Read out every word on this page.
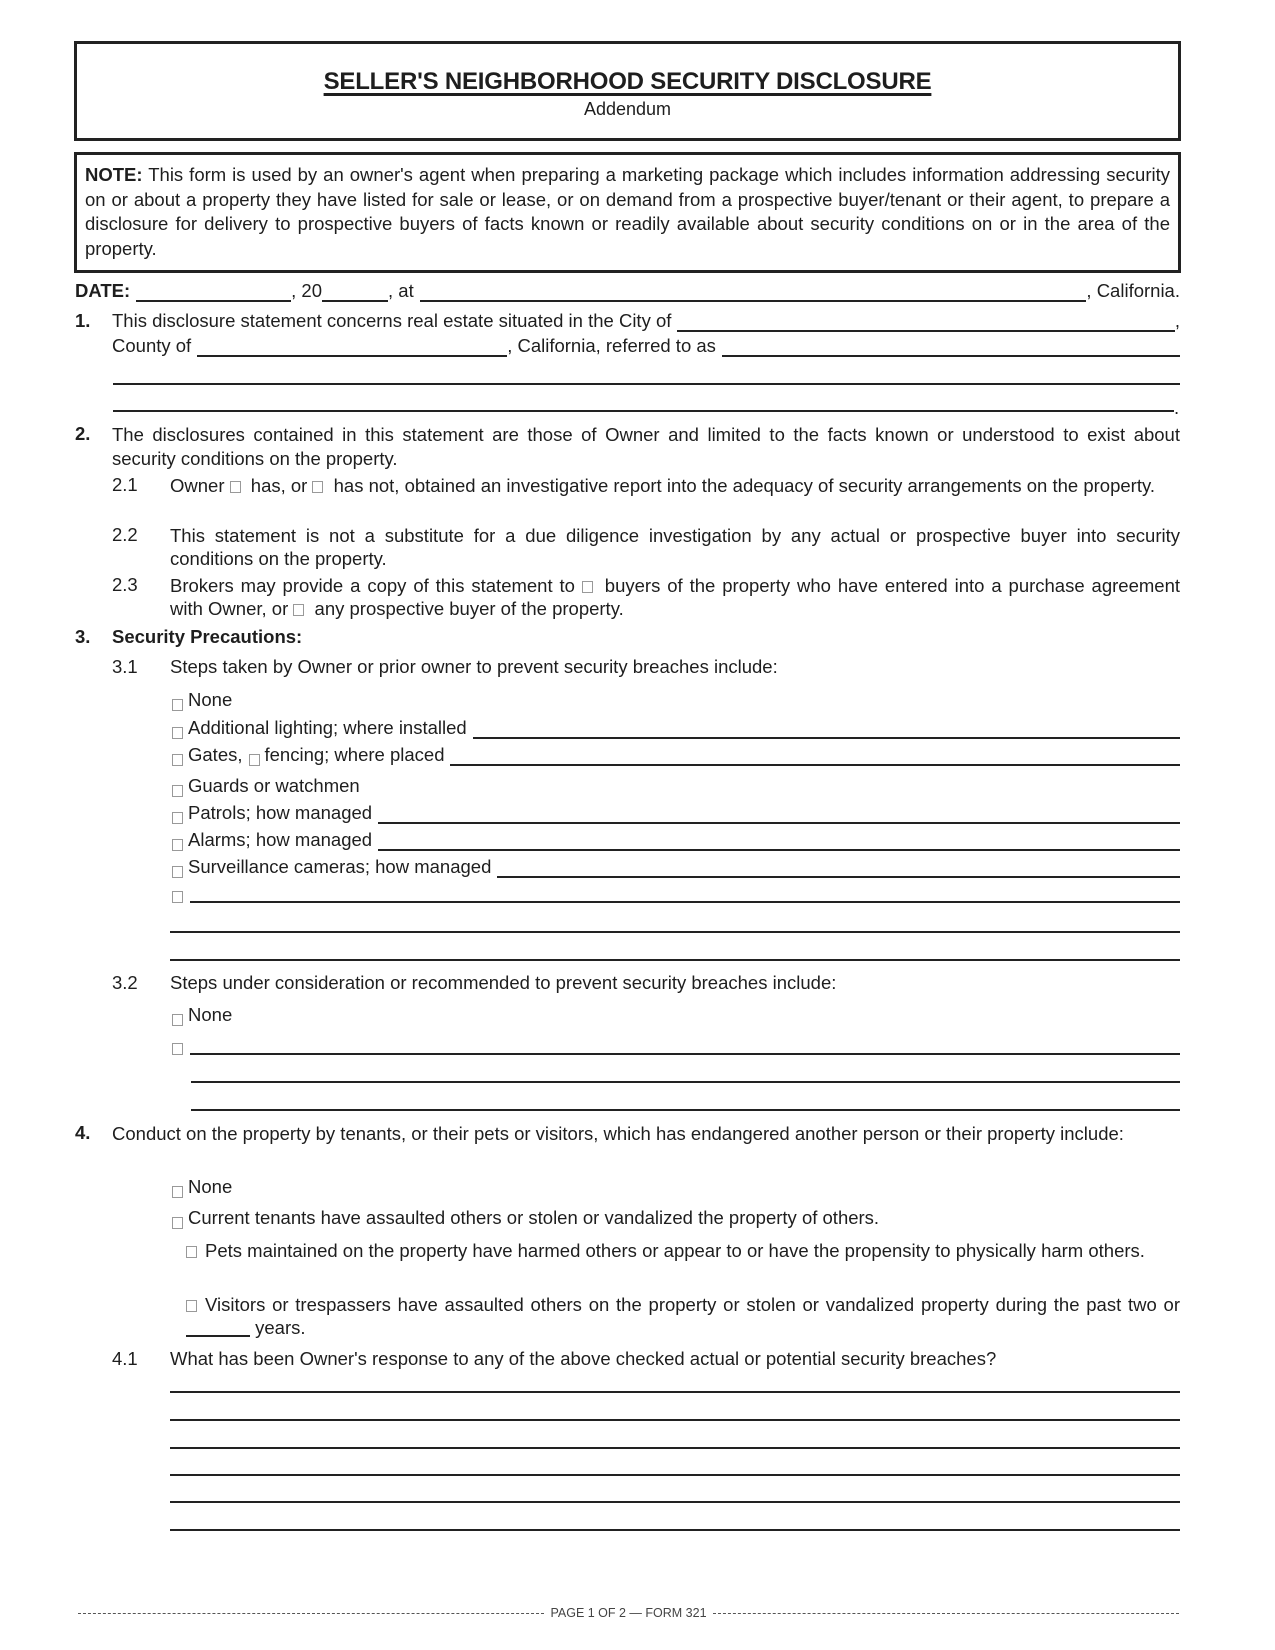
SELLER'S NEIGHBORHOOD SECURITY DISCLOSURE
Addendum
NOTE: This form is used by an owner's agent when preparing a marketing package which includes information addressing security on or about a property they have listed for sale or lease, or on demand from a prospective buyer/tenant or their agent, to prepare a disclosure for delivery to prospective buyers of facts known or readily available about security conditions on or in the area of the property.
DATE:	, 20	, at	, California.
1. This disclosure statement concerns real estate situated in the City of	,
County of	, California, referred to as
.
2. The disclosures contained in this statement are those of Owner and limited to the facts known or understood to exist about security conditions on the property.
2.1 Owner  has, or  has not, obtained an investigative report into the adequacy of security arrangements on the property.
2.2 This statement is not a substitute for a due diligence investigation by any actual or prospective buyer into security conditions on the property.
2.3 Brokers may provide a copy of this statement to  buyers of the property who have entered into a purchase agreement with Owner, or  any prospective buyer of the property.
3. Security Precautions:
3.1 Steps taken by Owner or prior owner to prevent security breaches include:
None
Additional lighting; where installed
Gates, fencing; where placed
Guards or watchmen
Patrols; how managed
Alarms; how managed
Surveillance cameras; how managed
3.2 Steps under consideration or recommended to prevent security breaches include:
None
4. Conduct on the property by tenants, or their pets or visitors, which has endangered another person or their property include:
None
Current tenants have assaulted others or stolen or vandalized the property of others.
Pets maintained on the property have harmed others or appear to or have the propensity to physically harm others.
Visitors or trespassers have assaulted others on the property or stolen or vandalized property during the past two or  years.
4.1 What has been Owner's response to any of the above checked actual or potential security breaches?
PAGE 1 OF 2 — FORM 321
